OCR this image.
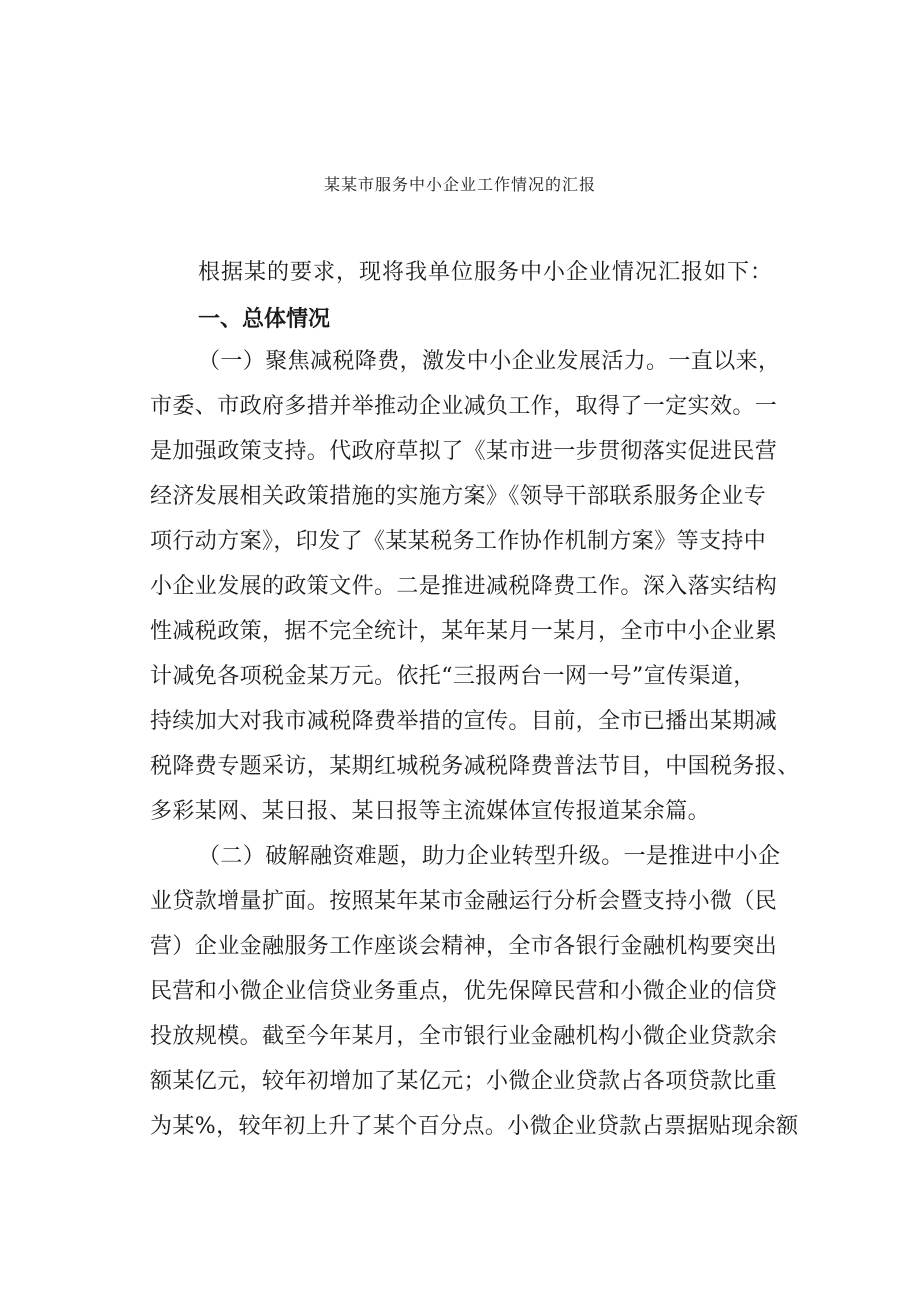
某某市服务中小企业工作情况的汇报
根据某的要求，现将我单位服务中小企业情况汇报如下：
一、总体情况
（一）聚焦减税降费，激发中小企业发展活力。一直以来，
市委、市政府多措并举推动企业减负工作，取得了一定实效。一
是加强政策支持。代政府草拟了《某市进一步贯彻落实促进民营
经济发展相关政策措施的实施方案》《领导干部联系服务企业专
项行动方案》，印发了《某某税务工作协作机制方案》等支持中
小企业发展的政策文件。二是推进减税降费工作。深入落实结构
性减税政策，据不完全统计，某年某月一某月，全市中小企业累
计减免各项税金某万元。依托“三报两台一网一号”宣传渠道，
持续加大对我市减税降费举措的宣传。目前，全市已播出某期减
税降费专题采访，某期红城税务减税降费普法节目，中国税务报、
多彩某网、某日报、某日报等主流媒体宣传报道某余篇。
（二）破解融资难题，助力企业转型升级。一是推进中小企
业贷款增量扩面。按照某年某市金融运行分析会暨支持小微（民
营）企业金融服务工作座谈会精神，全市各银行金融机构要突出
民营和小微企业信贷业务重点，优先保障民营和小微企业的信贷
投放规模。截至今年某月，全市银行业金融机构小微企业贷款余
额某亿元，较年初增加了某亿元；小微企业贷款占各项贷款比重
为某%，较年初上升了某个百分点。小微企业贷款占票据贴现余额
